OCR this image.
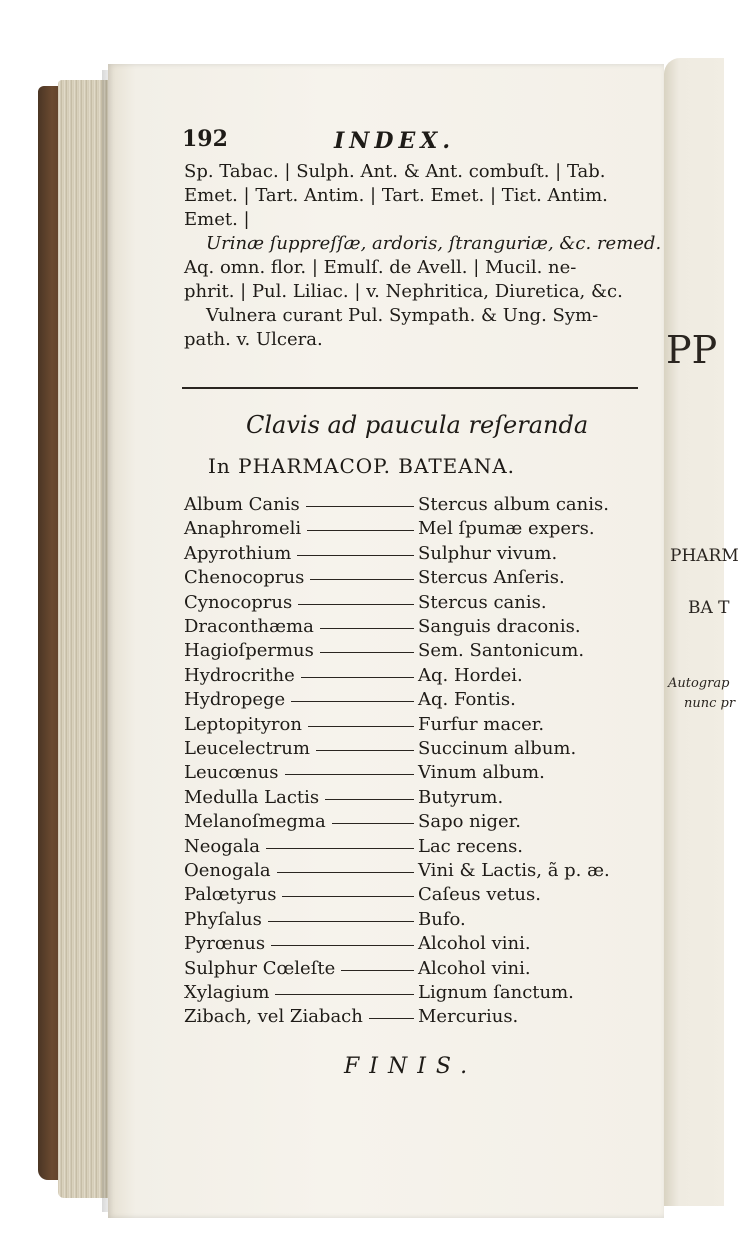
PP
PHARM
BA T
Autograp
nunc pr
192	INDEX.
Sp. Tabac. | Sulph. Ant. & Ant. combuſt. | Tab.
Emet. | Tart. Antim. | Tart. Emet. | Tiɛt. Antim.
Emet. |
Urinæ ſuppreſſæ, ardoris, ſtranguriæ, &c. remed.
Aq. omn. flor. | Emulſ. de Avell. | Mucil. ne-
phrit. | Pul. Liliac. | v. Nephritica, Diuretica, &c.
Vulnera curant Pul. Sympath. & Ung. Sym-
path. v. Ulcera.
Clavis ad paucula reſeranda
In PHARMACOP. BATEANA.
Album Canis	Stercus album canis.
Anaphromeli	Mel ſpumæ expers.
Apyrothium	Sulphur vivum.
Chenocoprus	Stercus Anſeris.
Cynocoprus	Stercus canis.
Draconthæma	Sanguis draconis.
Hagioſpermus	Sem. Santonicum.
Hydrocrithe	Aq. Hordei.
Hydropege	Aq. Fontis.
Leptopityron	Furfur macer.
Leucelectrum	Succinum album.
Leucœnus	Vinum album.
Medulla Lactis	Butyrum.
Melanoſmegma	Sapo niger.
Neogala	Lac recens.
Oenogala	Vini & Lactis, ã p. æ.
Palœtyrus	Caſeus vetus.
Phyſalus	Bufo.
Pyrœnus	Alcohol vini.
Sulphur Cœleſte	Alcohol vini.
Xylagium	Lignum ſanctum.
Zibach, vel Ziabach	Mercurius.
FINIS.
